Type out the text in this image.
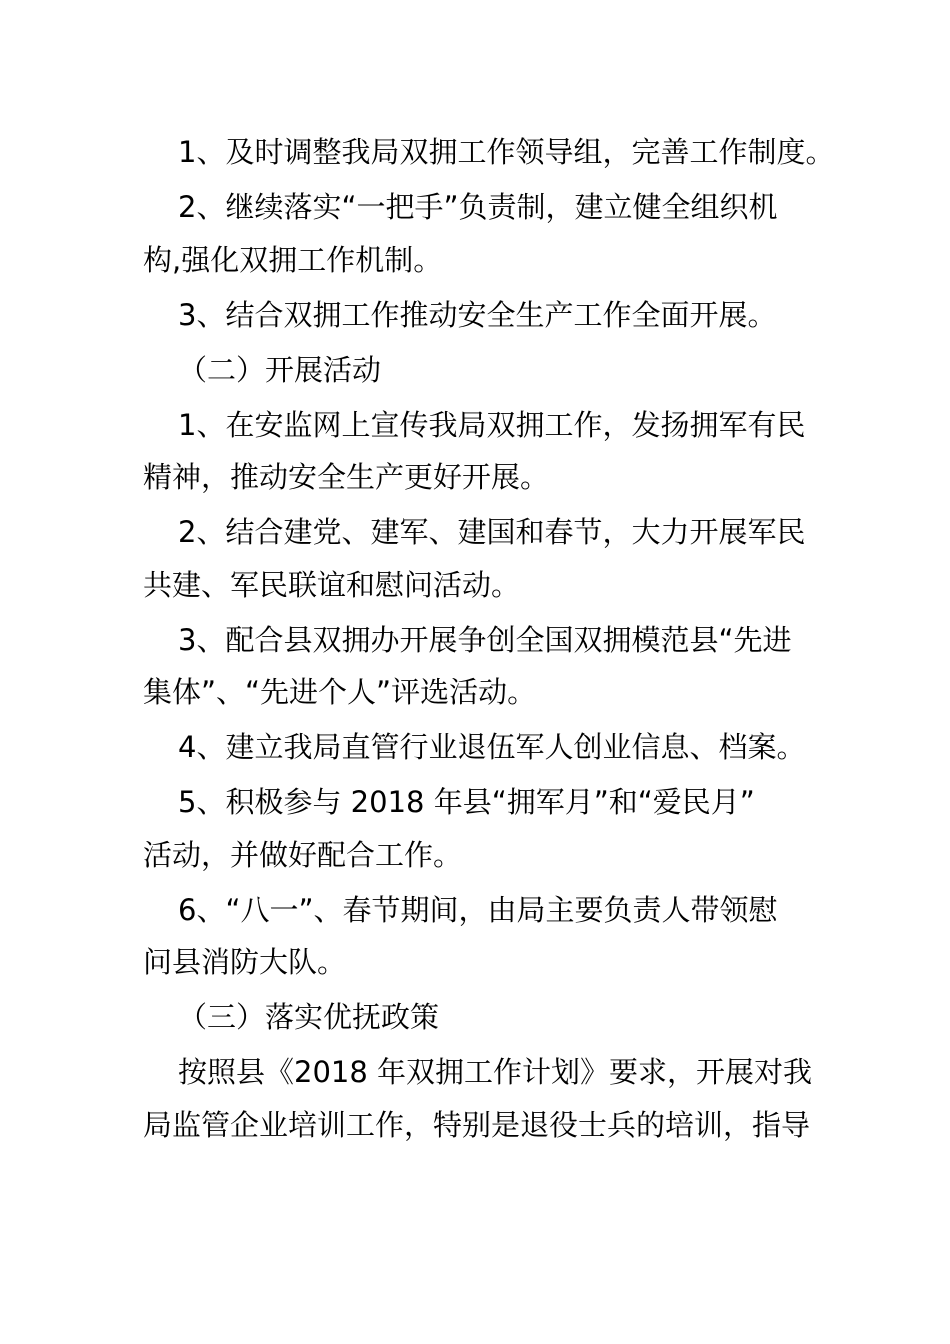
1、及时调整我局双拥工作领导组，完善工作制度。

2、继续落实“一把手”负责制，建立健全组织机
构,强化双拥工作机制。

3、结合双拥工作推动安全生产工作全面开展。

（二）开展活动

1、在安监网上宣传我局双拥工作，发扬拥军有民
精神，推动安全生产更好开展。

2、结合建党、建军、建国和春节，大力开展军民
共建、军民联谊和慰问活动。

3、配合县双拥办开展争创全国双拥模范县“先进
集体”、“先进个人”评选活动。

4、建立我局直管行业退伍军人创业信息、档案。

5、积极参与 2018 年县“拥军月”和“爱民月”
活动，并做好配合工作。

6、“八一”、春节期间，由局主要负责人带领慰
问县消防大队。

（三）落实优抚政策

按照县《2018 年双拥工作计划》要求，开展对我
局监管企业培训工作，特别是退役士兵的培训，指导
